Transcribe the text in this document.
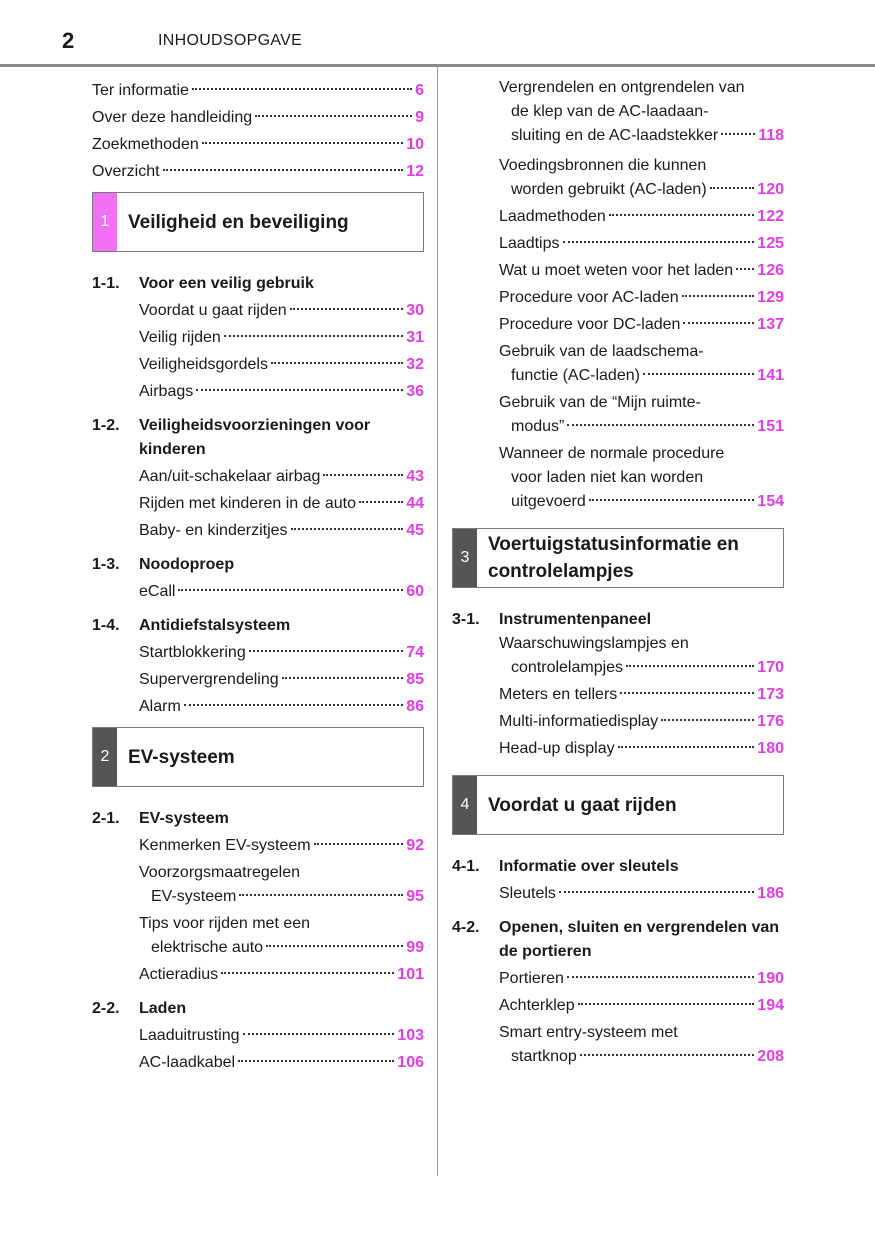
2	INHOUDSOPGAVE
Ter informatie	6
Over deze handleiding	9
Zoekmethoden	10
Overzicht	12
1 Veiligheid en beveiliging
1-1.	Voor een veilig gebruik
Voordat u gaat rijden	30
Veilig rijden	31
Veiligheidsgordels	32
Airbags	36
1-2.	Veiligheidsvoorzieningen voor kinderen
Aan/uit-schakelaar airbag	43
Rijden met kinderen in de auto	44
Baby- en kinderzitjes	45
1-3.	Noodoproep
eCall	60
1-4.	Antidiefstalsysteem
Startblokkering	74
Supervergrendeling	85
Alarm	86
2 EV-systeem
2-1.	EV-systeem
Kenmerken EV-systeem	92
Voorzorgsmaatregelen
EV-systeem	95
Tips voor rijden met een
elektrische auto	99
Actieradius	101
2-2.	Laden
Laaduitrusting	103
AC-laadkabel	106
Vergrendelen en ontgrendelen van
de klep van de AC-laadaan-
sluiting en de AC-laadstekker 118
Voedingsbronnen die kunnen
worden gebruikt (AC-laden)	120
Laadmethoden	122
Laadtips	125
Wat u moet weten voor het laden 126
Procedure voor AC-laden	129
Procedure voor DC-laden	137
Gebruik van de laadschema-
functie (AC-laden)	141
Gebruik van de “Mijn ruimte-
modus”	151
Wanneer de normale procedure
voor laden niet kan worden
uitgevoerd	154
3
Voertuigstatusinformatie en controlelampjes
3-1.	Instrumentenpaneel
Waarschuwingslampjes en
controlelampjes	170
Meters en tellers	173
Multi-informatiedisplay	176
Head-up display	180
4 Voordat u gaat rijden
4-1.	Informatie over sleutels
Sleutels	186
4-2.	Openen, sluiten en vergrendelen van de portieren
Portieren	190
Achterklep	194
Smart entry-systeem met
startknop	208
